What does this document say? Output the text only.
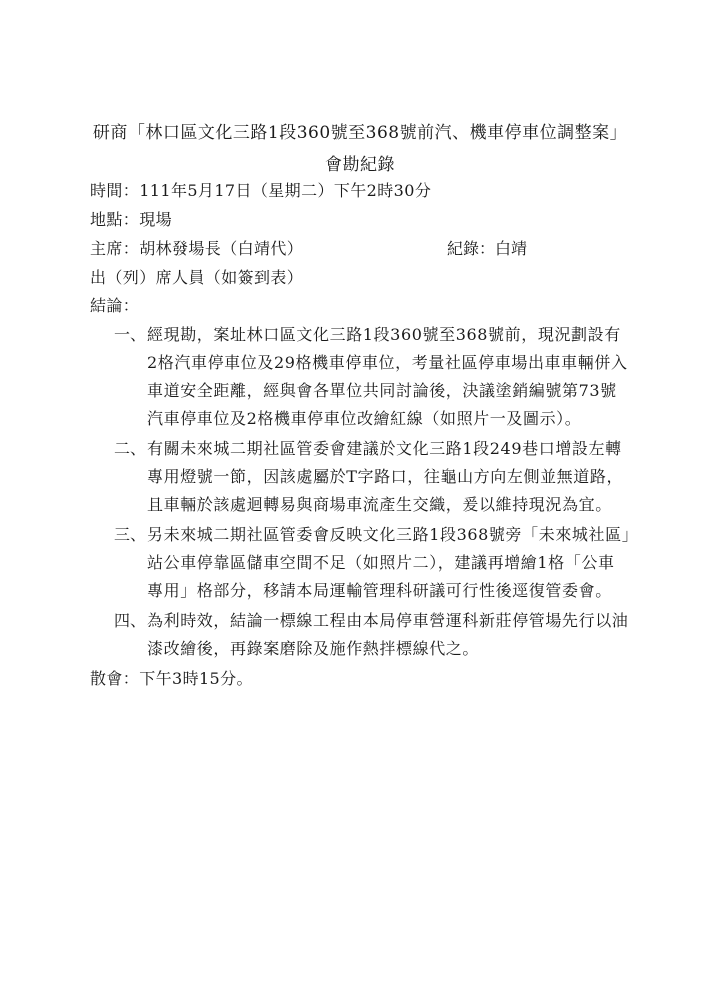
研商「林口區文化三路1段360號至368號前汽、機車停車位調整案」
會勘紀錄
時間：111年5月17日（星期二）下午2時30分
地點：現場
主席：胡林發場長（白靖代）	紀錄：白靖
出（列）席人員（如簽到表）
結論：
一、 經現勘，案址林口區文化三路1段360號至368號前，現況劃設有
2格汽車停車位及29格機車停車位，考量社區停車場出車車輛併入
車道安全距離，經與會各單位共同討論後，決議塗銷編號第73號
汽車停車位及2格機車停車位改繪紅線（如照片一及圖示）。
二、 有關未來城二期社區管委會建議於文化三路1段249巷口增設左轉
專用燈號一節，因該處屬於T字路口，往龜山方向左側並無道路，
且車輛於該處迴轉易與商場車流產生交織，爰以維持現況為宜。
三、 另未來城二期社區管委會反映文化三路1段368號旁「未來城社區」
站公車停靠區儲車空間不足（如照片二），建議再增繪1格「公車
專用」格部分，移請本局運輸管理科研議可行性後逕復管委會。
四、 為利時效，結論一標線工程由本局停車營運科新莊停管場先行以油
漆改繪後，再錄案磨除及施作熱拌標線代之。
散會：下午3時15分。
